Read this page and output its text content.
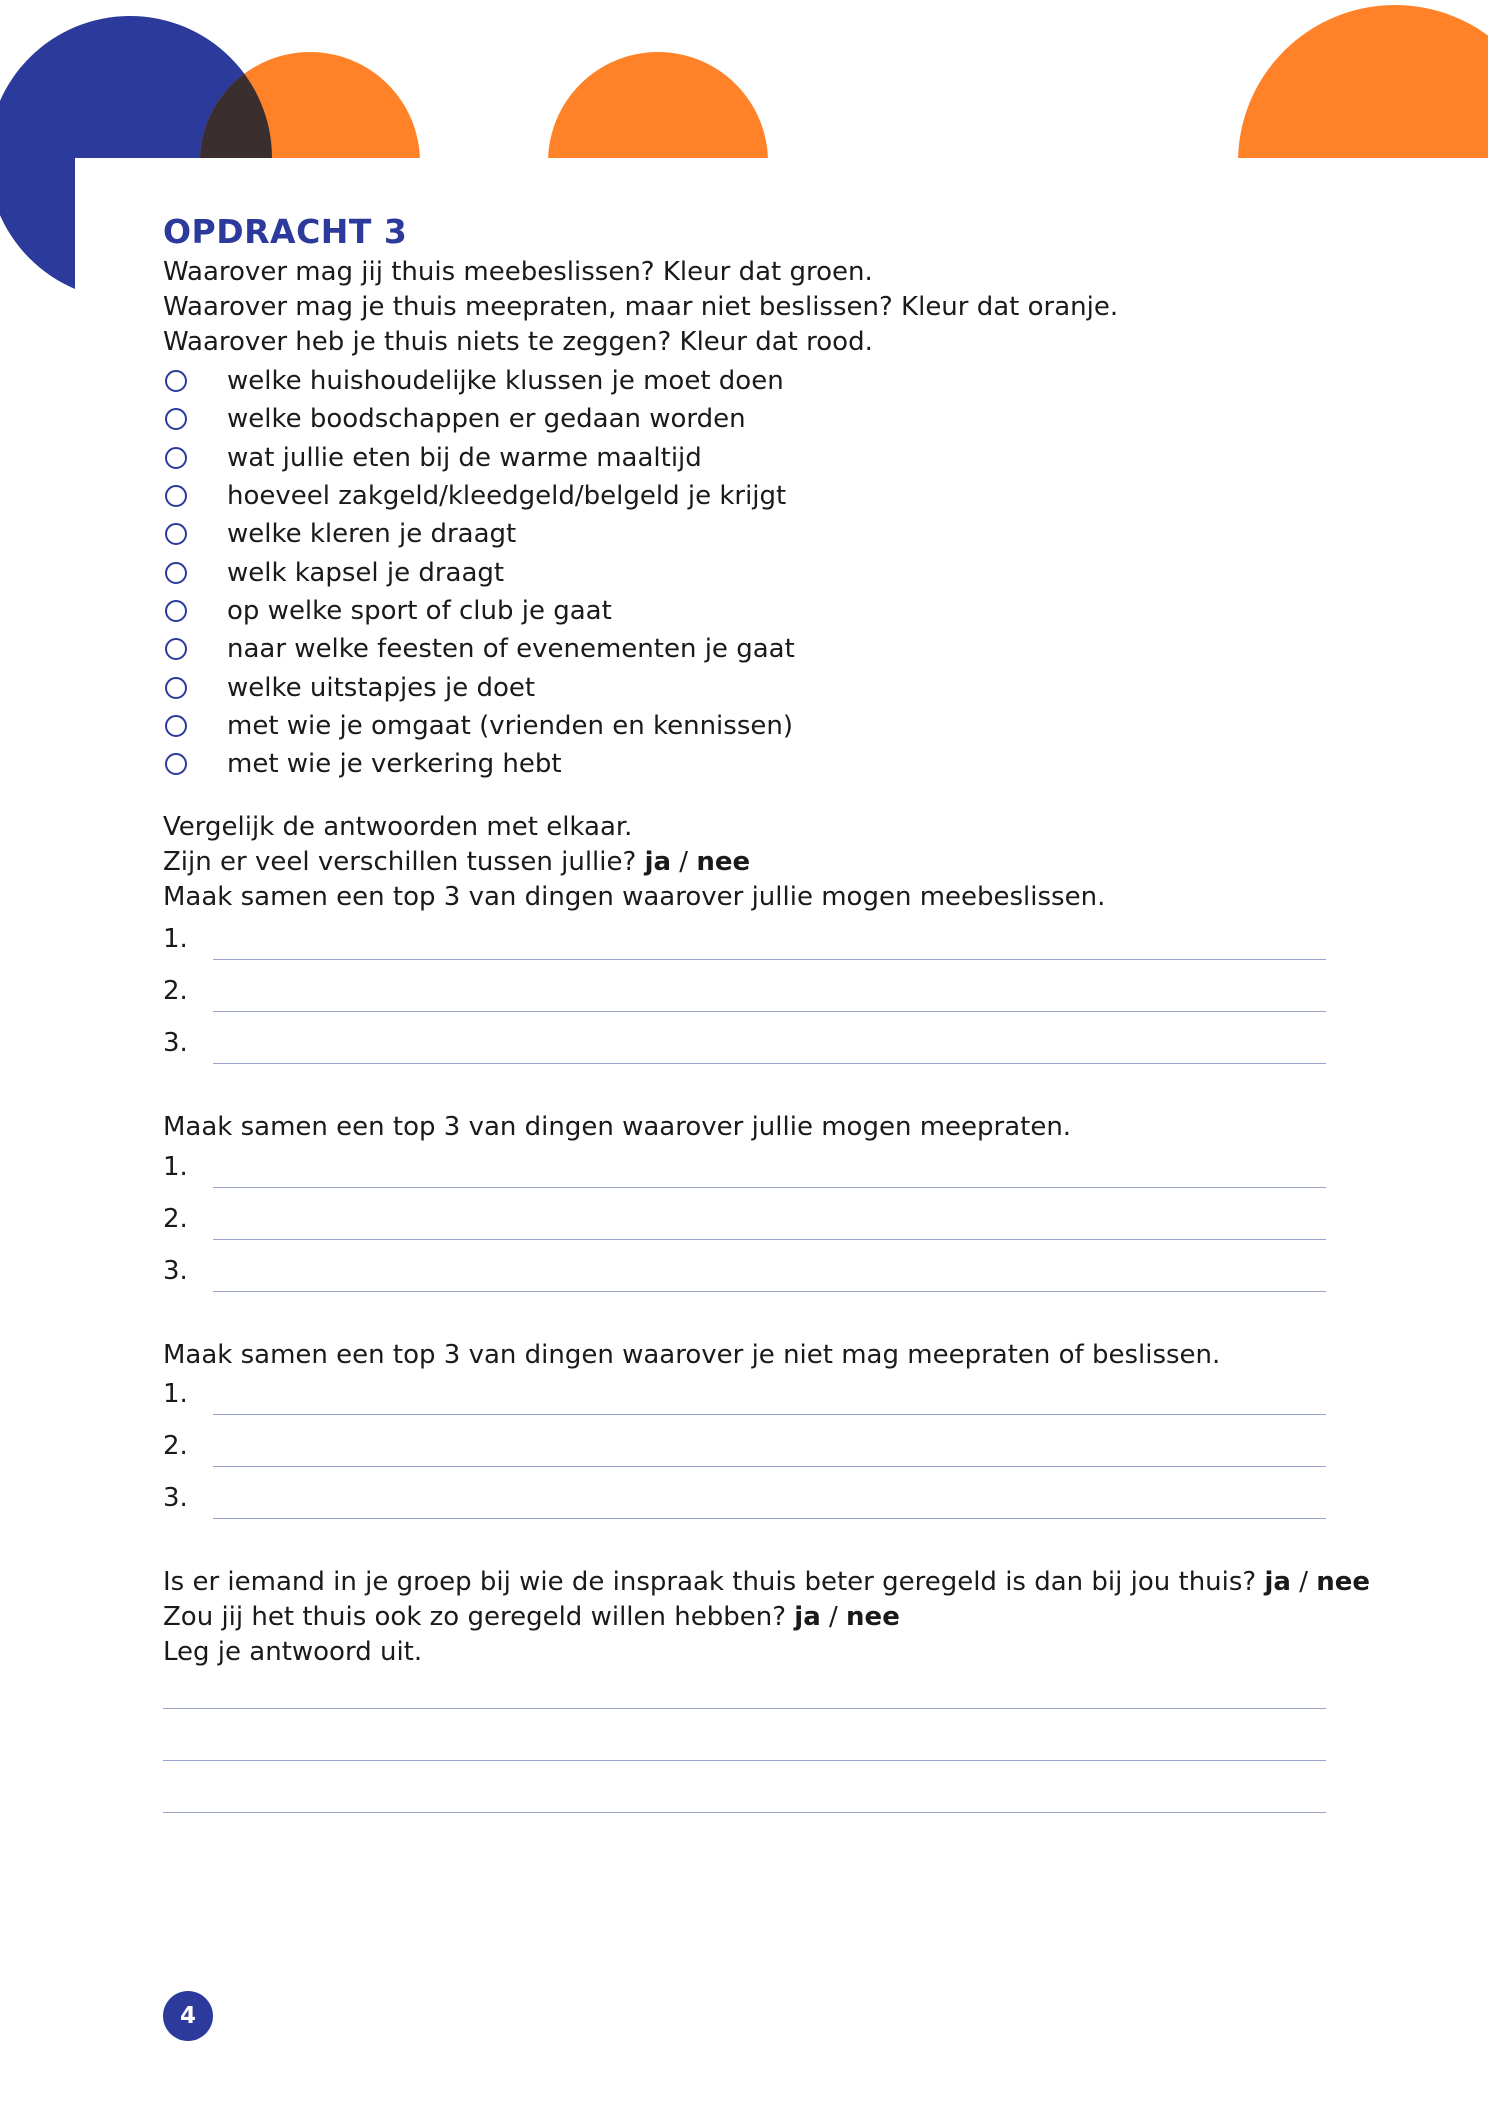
OPDRACHT 3
Waarover mag jij thuis meebeslissen? Kleur dat groen.
Waarover mag je thuis meepraten, maar niet beslissen? Kleur dat oranje.
Waarover heb je thuis niets te zeggen? Kleur dat rood.
welke huishoudelijke klussen je moet doen
welke boodschappen er gedaan worden
wat jullie eten bij de warme maaltijd
hoeveel zakgeld/kleedgeld/belgeld je krijgt
welke kleren je draagt
welk kapsel je draagt
op welke sport of club je gaat
naar welke feesten of evenementen je gaat
welke uitstapjes je doet
met wie je omgaat (vrienden en kennissen)
met wie je verkering hebt
Vergelijk de antwoorden met elkaar.
Zijn er veel verschillen tussen jullie? ja / nee
Maak samen een top 3 van dingen waarover jullie mogen meebeslissen.
1.
2.
3.
Maak samen een top 3 van dingen waarover jullie mogen meepraten.
1.
2.
3.
Maak samen een top 3 van dingen waarover je niet mag meepraten of beslissen.
1.
2.
3.
Is er iemand in je groep bij wie de inspraak thuis beter geregeld is dan bij jou thuis? ja / nee
Zou jij het thuis ook zo geregeld willen hebben? ja / nee
Leg je antwoord uit.
4
